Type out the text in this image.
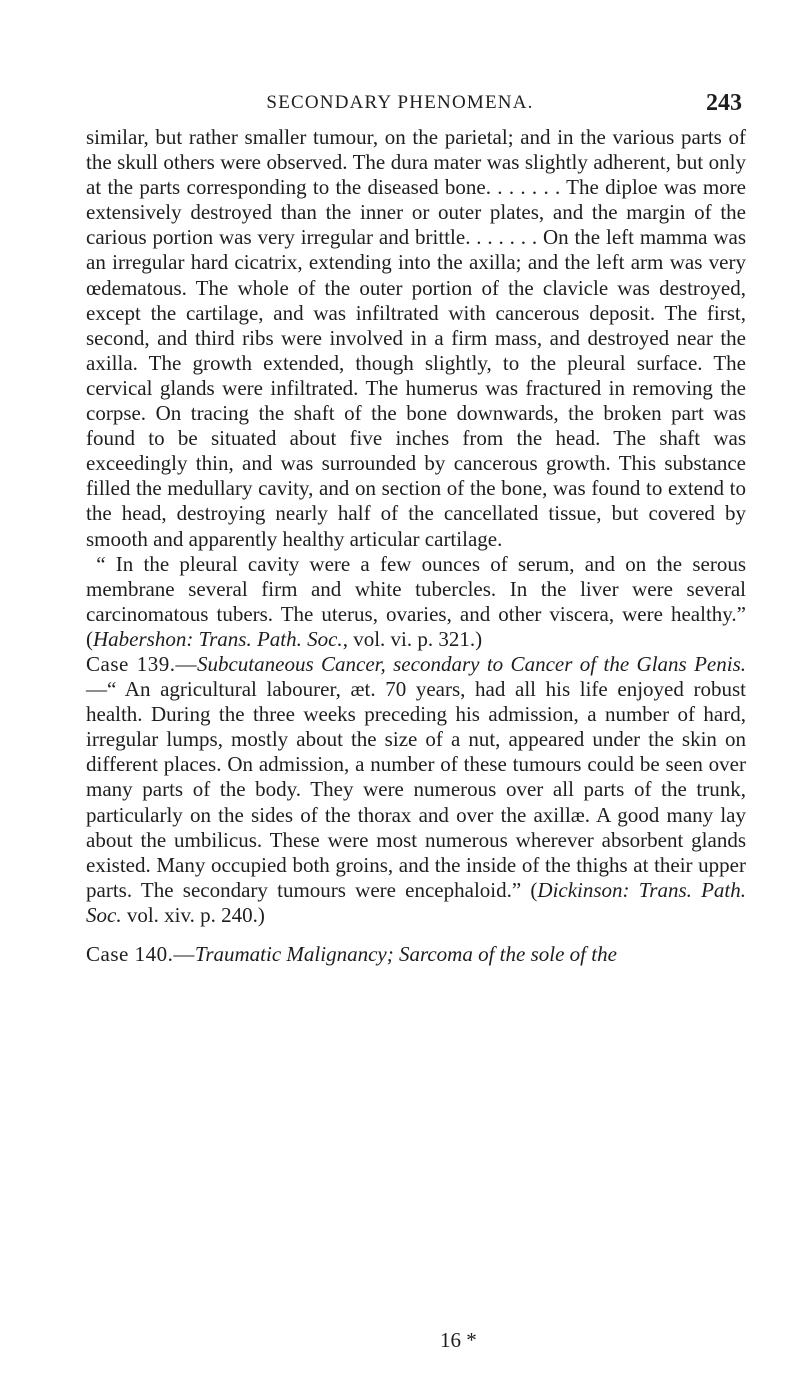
SECONDARY PHENOMENA.	243

similar, but rather smaller tumour, on the parietal; and in the various parts of the skull others were observed. The dura mater was slightly adherent, but only at the parts corresponding to the diseased bone. . . . . . . The diploe was more extensively destroyed than the inner or outer plates, and the margin of the carious portion was very irregular and brittle. . . . . . . On the left mamma was an irregular hard cicatrix, extending into the axilla; and the left arm was very œdematous. The whole of the outer portion of the clavicle was destroyed, except the cartilage, and was infiltrated with cancerous deposit. The first, second, and third ribs were involved in a firm mass, and destroyed near the axilla. The growth extended, though slightly, to the pleural surface. The cervical glands were infiltrated. The humerus was fractured in removing the corpse. On tracing the shaft of the bone downwards, the broken part was found to be situated about five inches from the head. The shaft was exceedingly thin, and was surrounded by cancerous growth. This substance filled the medullary cavity, and on section of the bone, was found to extend to the head, destroying nearly half of the cancellated tissue, but covered by smooth and apparently healthy articular cartilage.

“ In the pleural cavity were a few ounces of serum, and on the serous membrane several firm and white tubercles. In the liver were several carcinomatous tubers. The uterus, ovaries, and other viscera, were healthy.” (Habershon: Trans. Path. Soc., vol. vi. p. 321.)

Case 139.—Subcutaneous Cancer, secondary to Cancer of the Glans Penis.—“ An agricultural labourer, æt. 70 years, had all his life enjoyed robust health. During the three weeks preceding his admission, a number of hard, irregular lumps, mostly about the size of a nut, appeared under the skin on different places. On admission, a number of these tumours could be seen over many parts of the body. They were numerous over all parts of the trunk, particularly on the sides of the thorax and over the axillæ. A good many lay about the umbilicus. These were most numerous wherever absorbent glands existed. Many occupied both groins, and the inside of the thighs at their upper parts. The secondary tumours were encephaloid.” (Dickinson: Trans. Path. Soc. vol. xiv. p. 240.)

Case 140.—Traumatic Malignancy; Sarcoma of the sole of the

16 *
